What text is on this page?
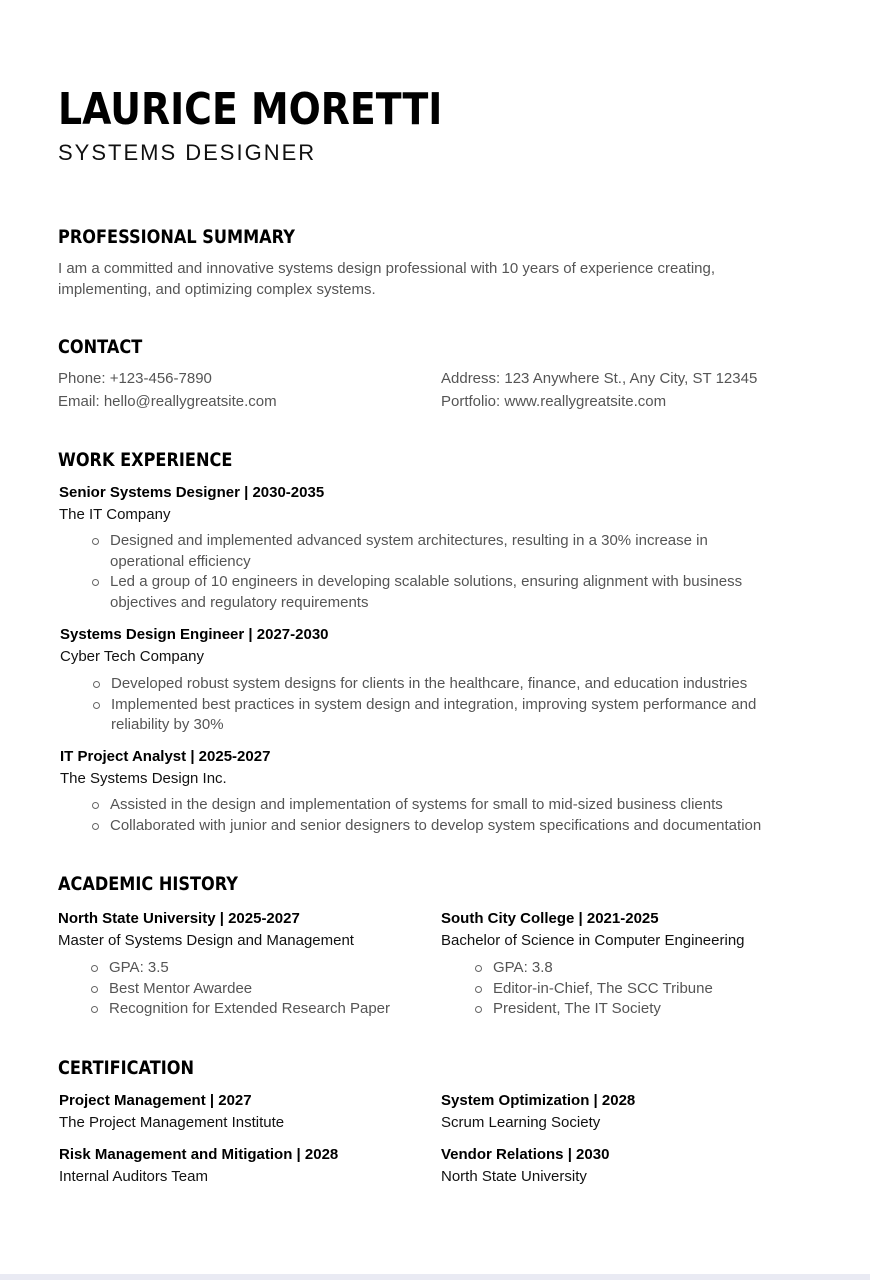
LAURICE MORETTI
SYSTEMS DESIGNER
PROFESSIONAL SUMMARY

I am a committed and innovative systems design professional with 10 years of experience creating, implementing, and optimizing complex systems.

CONTACT
Phone: +123-456-7890
Email: hello@reallygreatsite.com
Address: 123 Anywhere St., Any City, ST 12345
Portfolio: www.reallygreatsite.com
WORK EXPERIENCE
Senior Systems Designer | 2030-2035
The IT Company
Designed and implemented advanced system architectures, resulting in a 30% increase in operational efficiency
Led a group of 10 engineers in developing scalable solutions, ensuring alignment with business objectives and regulatory requirements
Systems Design Engineer | 2027-2030
Cyber Tech Company
Developed robust system designs for clients in the healthcare, finance, and education industries
Implemented best practices in system design and integration, improving system performance and reliability by 30%
IT Project Analyst | 2025-2027
The Systems Design Inc.
Assisted in the design and implementation of systems for small to mid-sized business clients
Collaborated with junior and senior designers to develop system specifications and documentation
ACADEMIC HISTORY
North State University | 2025-2027
Master of Systems Design and Management
GPA: 3.5
Best Mentor Awardee
Recognition for Extended Research Paper
South City College | 2021-2025
Bachelor of Science in Computer Engineering
GPA: 3.8
Editor-in-Chief, The SCC Tribune
President, The IT Society
CERTIFICATION
Project Management | 2027
The Project Management Institute
System Optimization | 2028
Scrum Learning Society
Risk Management and Mitigation | 2028
Internal Auditors Team
Vendor Relations | 2030
North State University
